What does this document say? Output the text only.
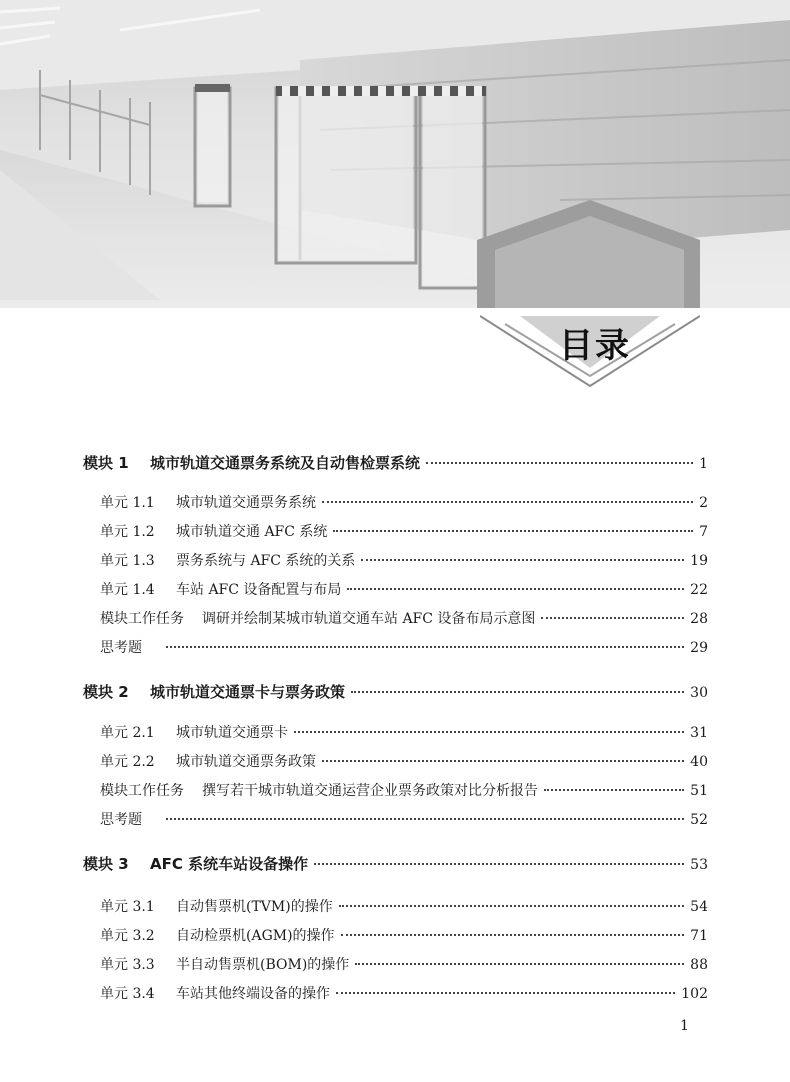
目录
模块 1	城市轨道交通票务系统及自动售检票系统	1
单元 1.1	城市轨道交通票务系统	2
单元 1.2	城市轨道交通 AFC 系统	7
单元 1.3	票务系统与 AFC 系统的关系	19
单元 1.4	车站 AFC 设备配置与布局	22
模块工作任务 调研并绘制某城市轨道交通车站 AFC 设备布局示意图	28
思考题	29
模块 2	城市轨道交通票卡与票务政策	30
单元 2.1	城市轨道交通票卡	31
单元 2.2	城市轨道交通票务政策	40
模块工作任务 撰写若干城市轨道交通运营企业票务政策对比分析报告	51
思考题	52
模块 3	AFC 系统车站设备操作	53
单元 3.1	自动售票机(TVM)的操作	54
单元 3.2	自动检票机(AGM)的操作	71
单元 3.3	半自动售票机(BOM)的操作	88
单元 3.4	车站其他终端设备的操作	102
1
